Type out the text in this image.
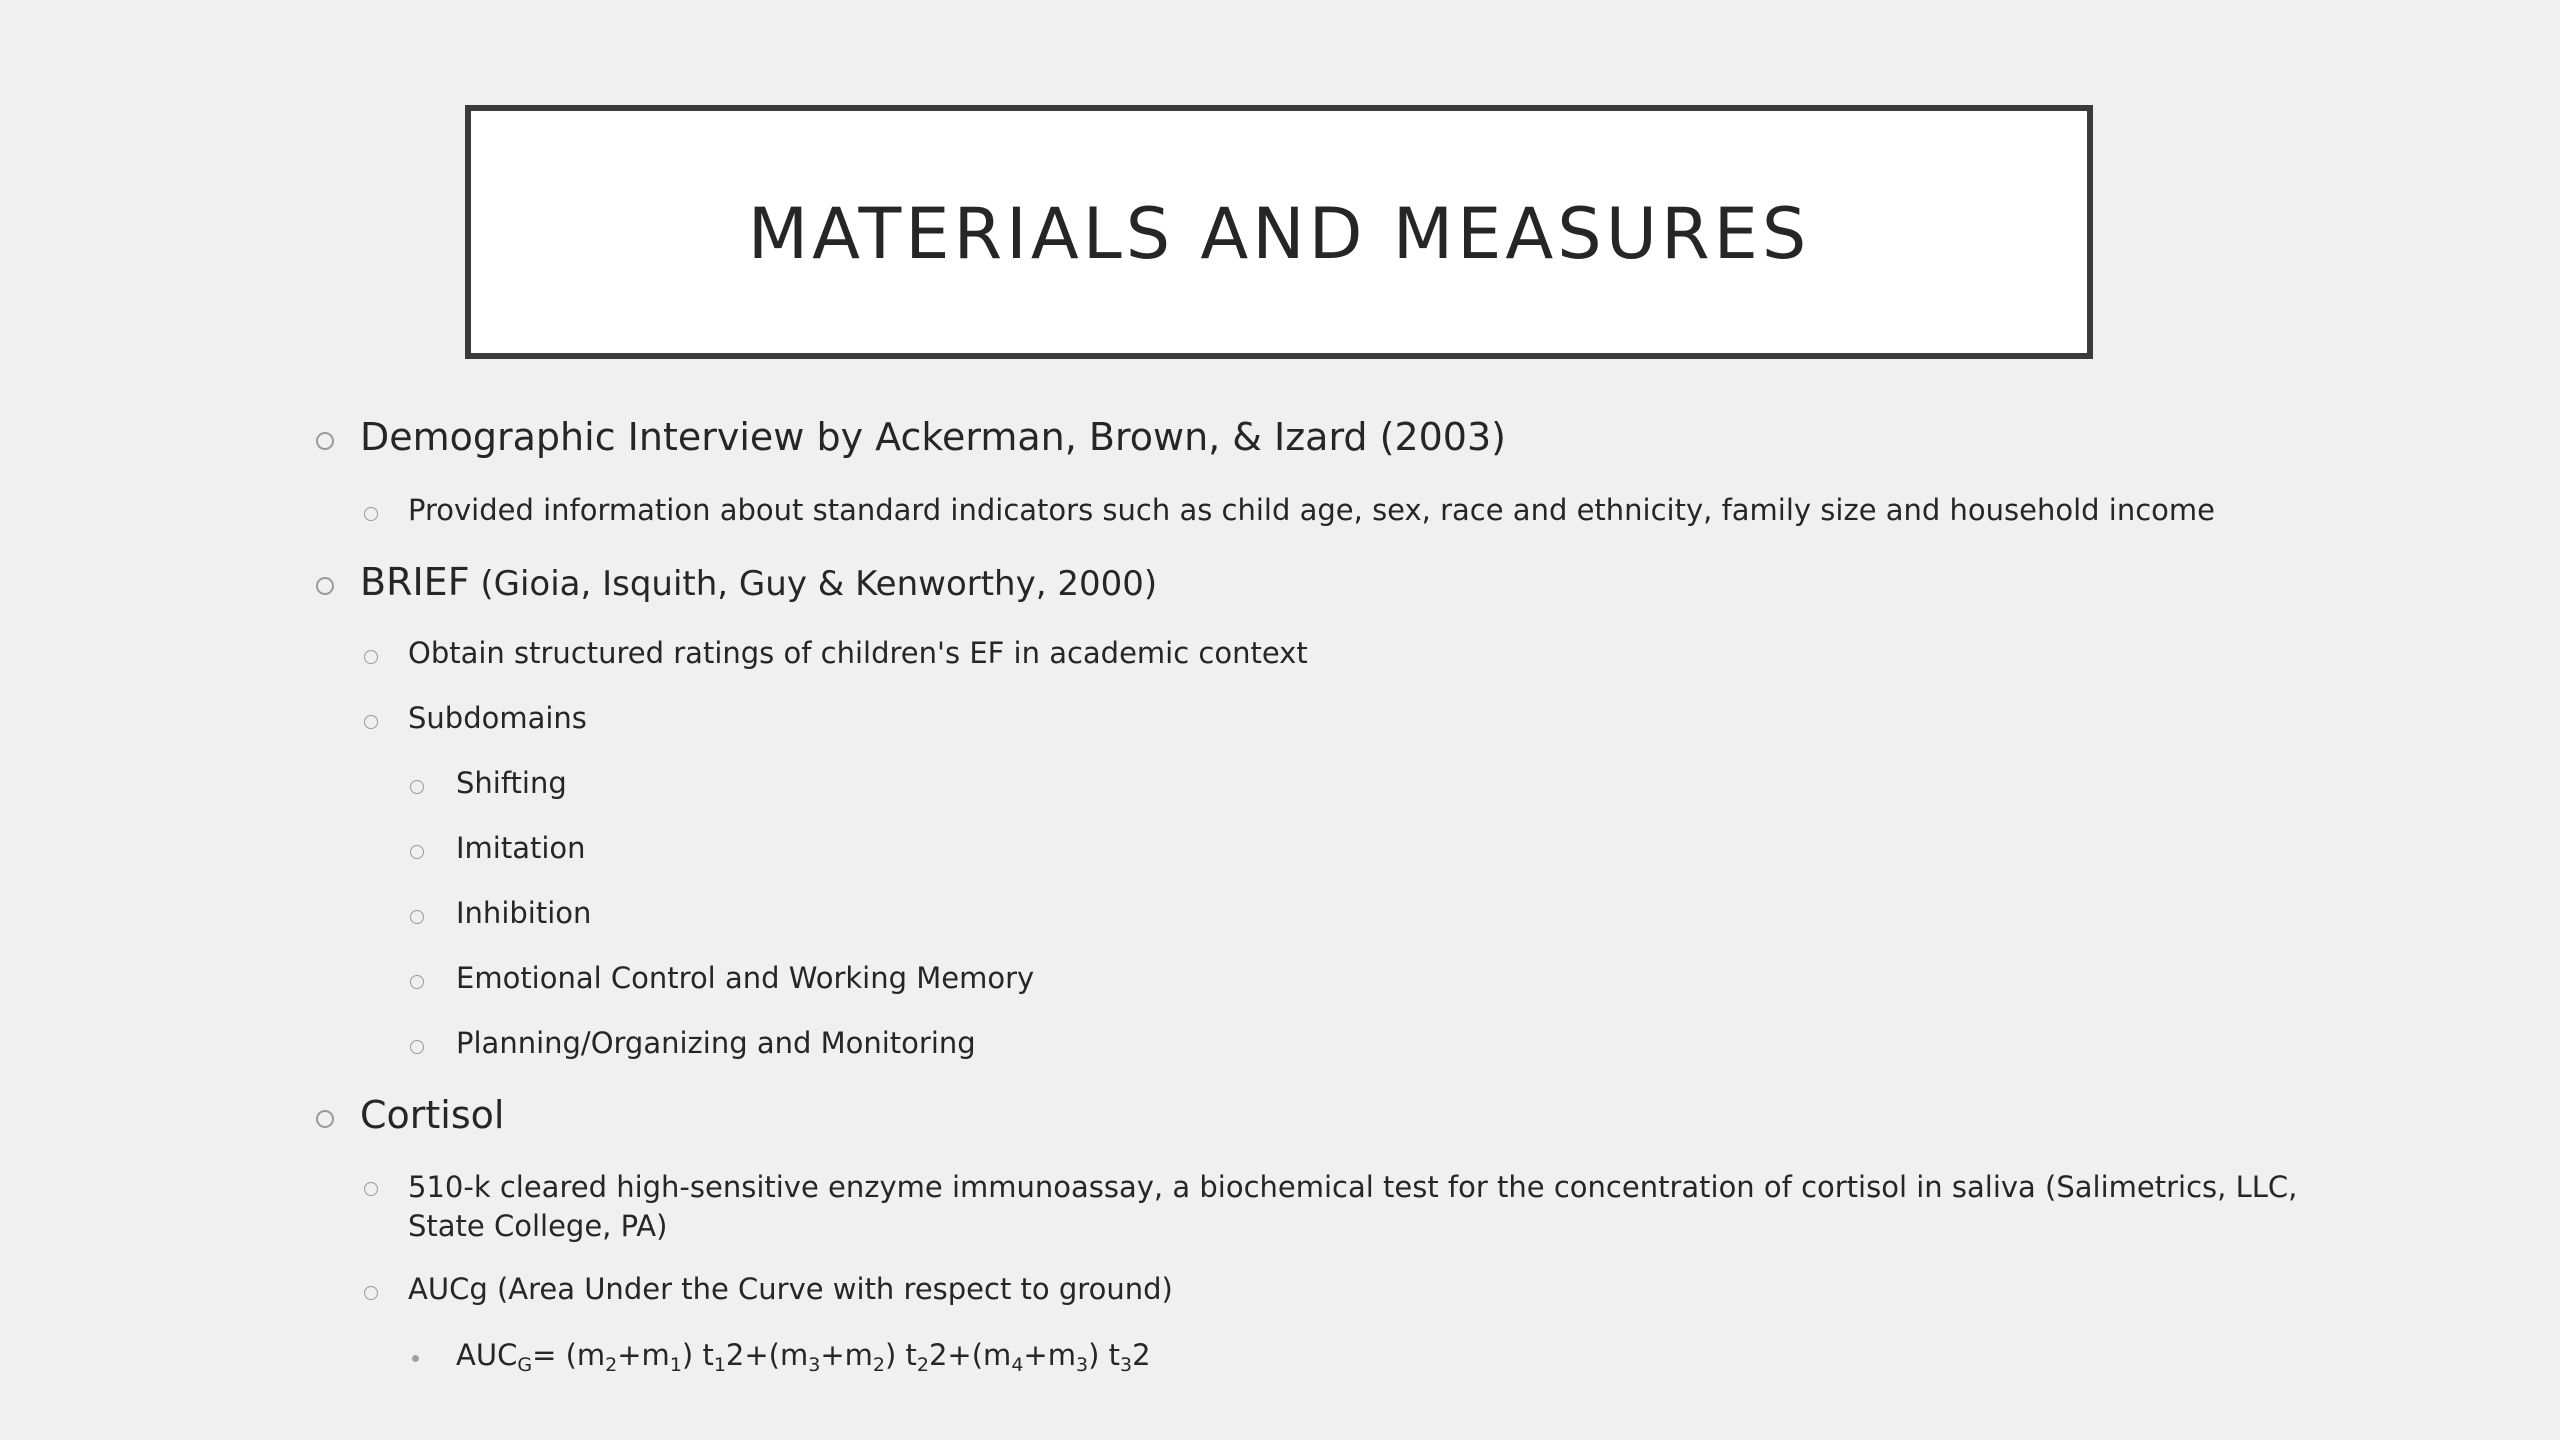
MATERIALS AND MEASURES
Demographic Interview by Ackerman, Brown, & Izard (2003)
Provided information about standard indicators such as child age, sex, race and ethnicity, family size and household income
BRIEF (Gioia, Isquith, Guy & Kenworthy, 2000)
Obtain structured ratings of children's EF in academic context
Subdomains
Shifting
Imitation
Inhibition
Emotional Control and Working Memory
Planning/Organizing and Monitoring
Cortisol
510-k cleared high-sensitive enzyme immunoassay, a biochemical test for the concentration of cortisol in saliva (Salimetrics, LLC, State College, PA)
AUCg (Area Under the Curve with respect to ground)
$AUC_G= (m_2+m_1)$ $t_12+(m_3+m_2)$ $t_22+(m_4+m_3)$ $t_32$
